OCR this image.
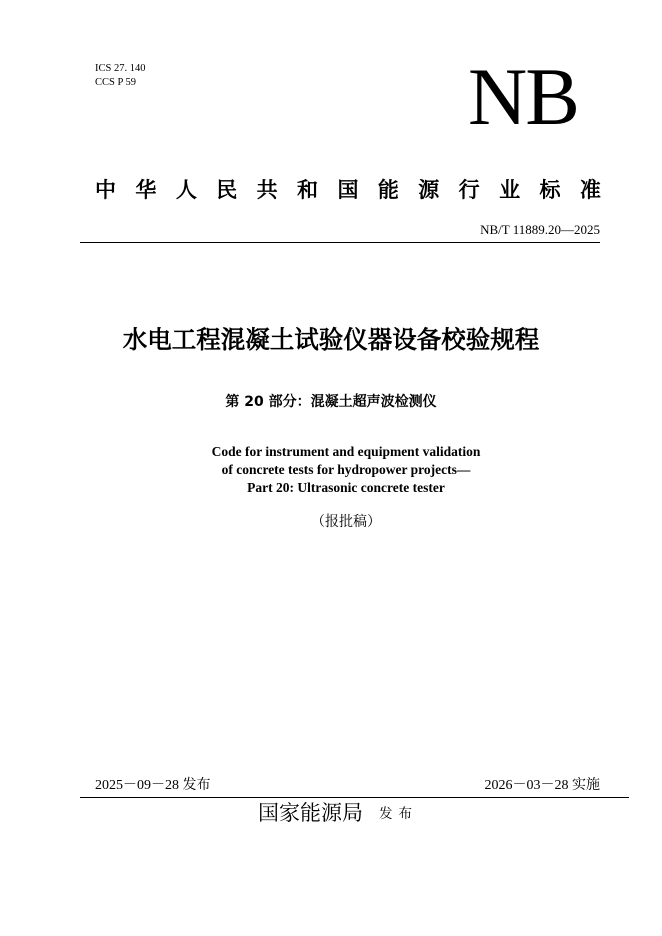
ICS 27. 140
CCS P 59	NB
中 华 人 民 共 和 国 能 源 行 业 标 准
NB/T 11889.20—2025
水电工程混凝土试验仪器设备校验规程
第 20 部分：混凝土超声波检测仪
Code for instrument and equipment validation
of concrete tests for hydropower projects—
Part 20: Ultrasonic concrete tester
（报批稿）
2025－09－28 发布	2026－03－28 实施
国家能源局 发布
